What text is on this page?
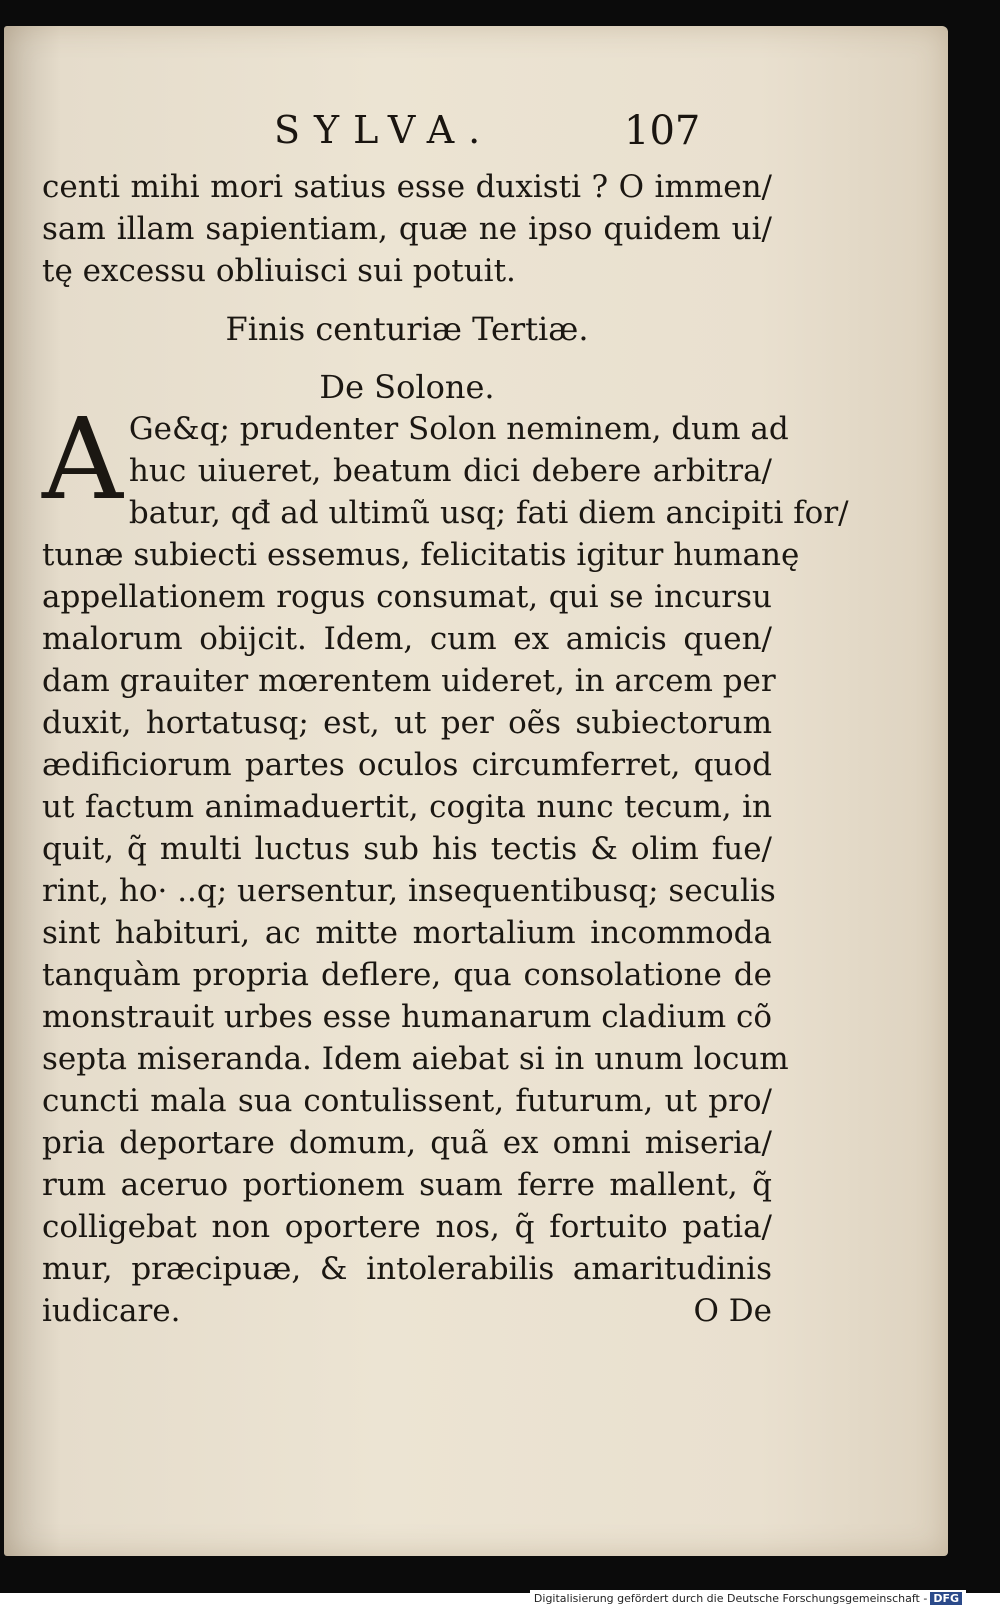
SYLVA.	107
centi mihi mori satius esse duxisti ? O immen/
sam illam sapientiam, quæ ne ipso quidem ui/
tę excessu obliuisci sui potuit.
Finis centuriæ Tertiæ.
De Solone.
A Ge&q; prudenter Solon neminem, dum ad
huc uiueret, beatum dici debere arbitra/
batur, qđ ad ultimũ usq; fati diem ancipiti for/
tunæ subiecti essemus, felicitatis igitur humanę
appellationem rogus consumat, qui se incursu
malorum obijcit. Idem, cum ex amicis quen/
dam grauiter mœrentem uideret, in arcem per
duxit, hortatusq; est, ut per oẽs subiectorum
ædificiorum partes oculos circumferret, quod
ut factum animaduertit, cogita nunc tecum, in
quit, q̃ multi luctus sub his tectis & olim fue/
rint, ho· ..q; uersentur, insequentibusq; seculis
sint habituri, ac mitte mortalium incommoda
tanquàm propria deflere, qua consolatione de
monstrauit urbes esse humanarum cladium cõ
septa miseranda. Idem aiebat si in unum locum
cuncti mala sua contulissent, futurum, ut pro/
pria deportare domum, quã ex omni miseria/
rum aceruo portionem suam ferre mallent, q̃
colligebat non oportere nos, q̃ fortuito patia/
mur, præcipuæ, & intolerabilis amaritudinis
iudicare.	O De
Digitalisierung gefördert durch die Deutsche Forschungsgemeinschaft - DFG
